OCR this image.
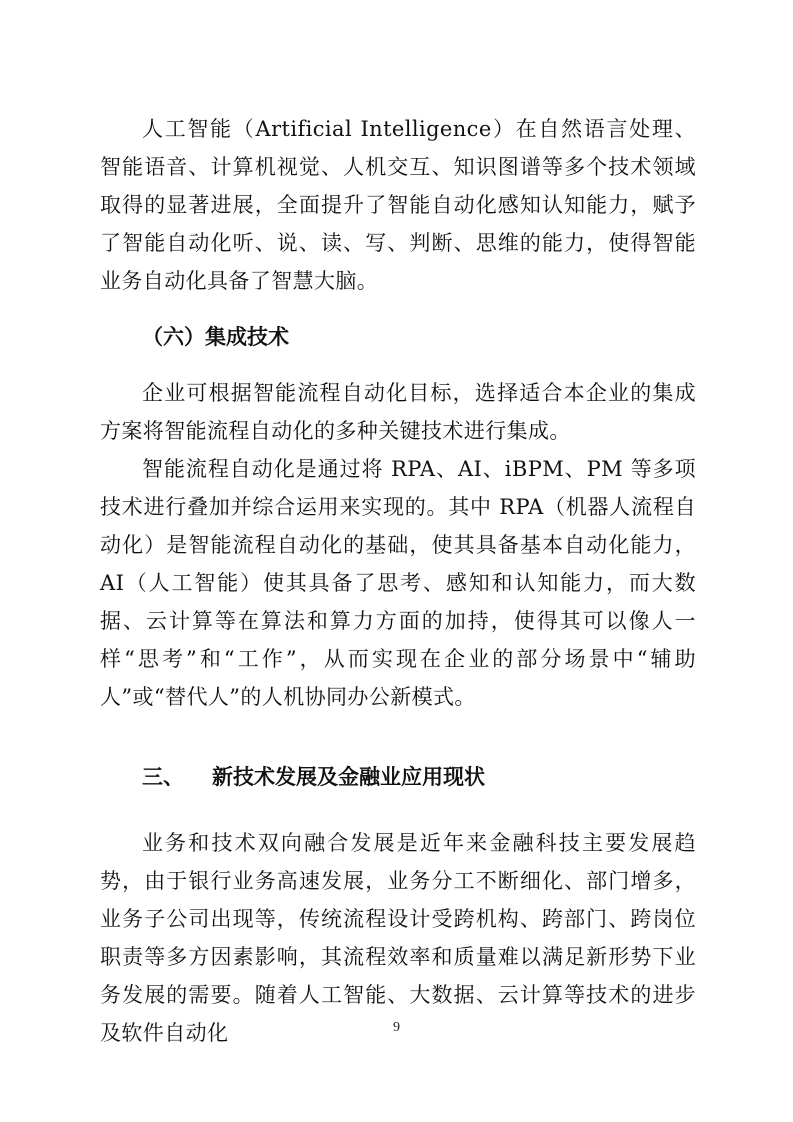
人工智能（Artificial Intelligence）在自然语言处理、智能语音、计算机视觉、人机交互、知识图谱等多个技术领域取得的显著进展，全面提升了智能自动化感知认知能力，赋予了智能自动化听、说、读、写、判断、思维的能力，使得智能业务自动化具备了智慧大脑。

（六）集成技术

企业可根据智能流程自动化目标，选择适合本企业的集成方案将智能流程自动化的多种关键技术进行集成。

智能流程自动化是通过将 RPA、AI、iBPM、PM 等多项技术进行叠加并综合运用来实现的。其中 RPA（机器人流程自动化）是智能流程自动化的基础，使其具备基本自动化能力，AI（人工智能）使其具备了思考、感知和认知能力，而大数据、云计算等在算法和算力方面的加持，使得其可以像人一样“思考”和“工作”，从而实现在企业的部分场景中“辅助人”或“替代人”的人机协同办公新模式。

三、	新技术发展及金融业应用现状

业务和技术双向融合发展是近年来金融科技主要发展趋势，由于银行业务高速发展，业务分工不断细化、部门增多，业务子公司出现等，传统流程设计受跨机构、跨部门、跨岗位职责等多方因素影响，其流程效率和质量难以满足新形势下业务发展的需要。随着人工智能、大数据、云计算等技术的进步及软件自动化	9
